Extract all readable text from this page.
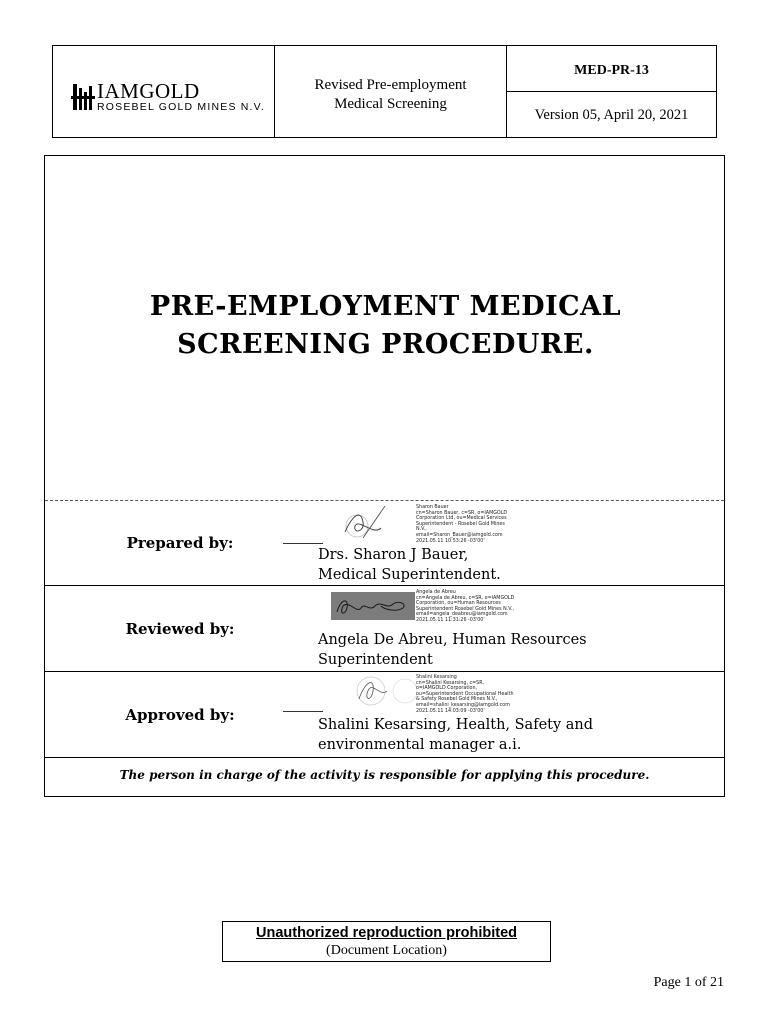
IAMGOLD
ROSEBEL GOLD MINES N.V.
Revised Pre-employment
Medical Screening
MED-PR-13
Version 05, April 20, 2021
PRE-EMPLOYMENT MEDICAL
SCREENING PROCEDURE.
Prepared by:
Sharon Bauer
cn=Sharon Bauer, c=SR, o=IAMGOLD
Corporation Ltd, ou=Medical Services
Superintendent - Rosebel Gold Mines
N.V.,
email=Sharon_Bauer@iamgold.com
2021.05.11 10:53:26 -03'00'
Drs. Sharon J Bauer,
Medical Superintendent.
Reviewed by:
Angela de Abreu
cn=Angela de Abreu, c=SR, o=IAMGOLD
Corporation, ou=Human Resources
Superintendent Rosebel Gold Mines N.V.,
email=angela_deabreu@iamgold.com
2021.05.11 11:31:26 -03'00'
Angela De Abreu, Human Resources
Superintendent
Approved by:
Shalini Kesarsing
cn=Shalini Kesarsing, c=SR,
o=IAMGOLD Corporation,
ou=Superintendent Occupational Health
& Safety Rosebel Gold Mines N.V.,
email=shalini_kesarsing@iamgold.com
2021.05.11 14:03:09 -03'00'
Shalini Kesarsing, Health, Safety and
environmental manager a.i.
The person in charge of the activity is responsible for applying this procedure.
Unauthorized reproduction prohibited
(Document Location)
Page 1 of 21
